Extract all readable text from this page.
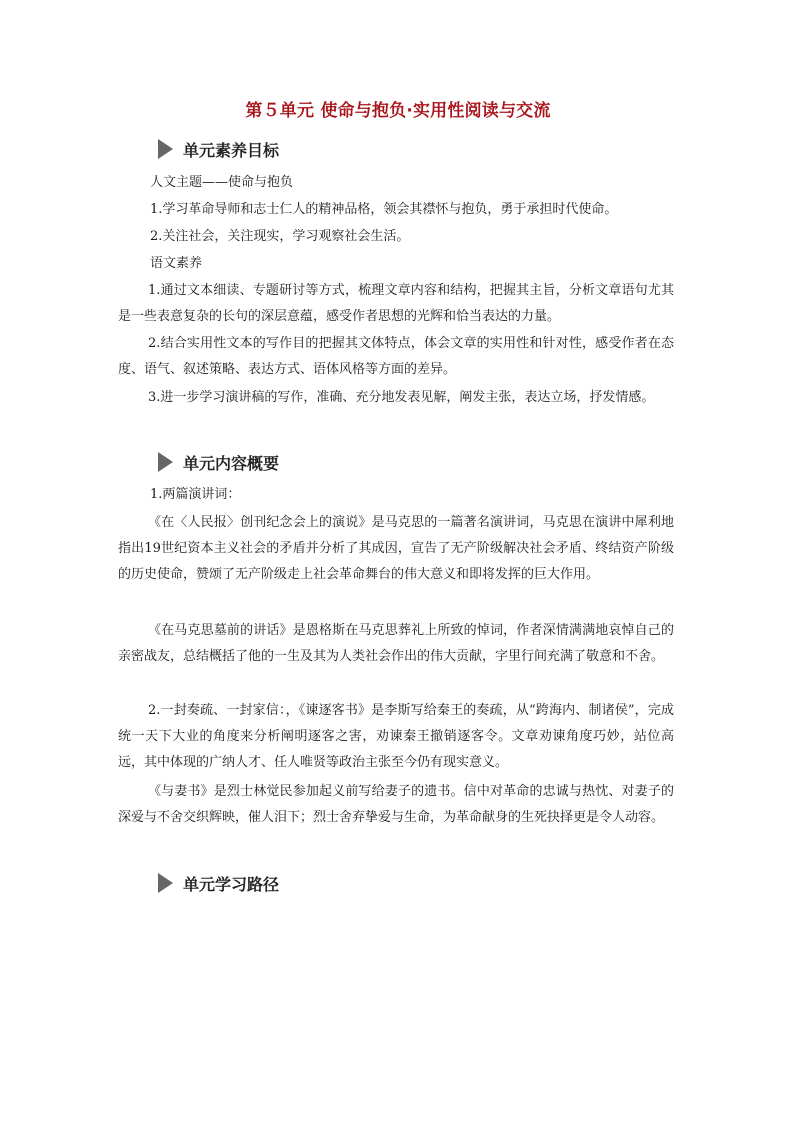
第５单元 使命与抱负·实用性阅读与交流
单元素养目标
人文主题——使命与抱负
1.学习革命导师和志士仁人的精神品格，领会其襟怀与抱负，勇于承担时代使命。
2.关注社会，关注现实，学习观察社会生活。
语文素养
1.通过文本细读、专题研讨等方式，梳理文章内容和结构，把握其主旨，分析文章语句尤其是一些表意复杂的长句的深层意蕴，感受作者思想的光辉和恰当表达的力量。
2.结合实用性文本的写作目的把握其文体特点，体会文章的实用性和针对性，感受作者在态度、语气、叙述策略、表达方式、语体风格等方面的差异。
3.进一步学习演讲稿的写作，准确、充分地发表见解，阐发主张，表达立场，抒发情感。
单元内容概要
1.两篇演讲词：
《在〈人民报〉创刊纪念会上的演说》是马克思的一篇著名演讲词，马克思在演讲中犀利地指出19世纪资本主义社会的矛盾并分析了其成因，宣告了无产阶级解决社会矛盾、终结资产阶级的历史使命，赞颂了无产阶级走上社会革命舞台的伟大意义和即将发挥的巨大作用。
《在马克思墓前的讲话》是恩格斯在马克思葬礼上所致的悼词，作者深情满满地哀悼自己的亲密战友，总结概括了他的一生及其为人类社会作出的伟大贡献，字里行间充满了敬意和不舍。
2.一封奏疏、一封家信：，《谏逐客书》是李斯写给秦王的奏疏，从“跨海内、制诸侯”，完成统一天下大业的角度来分析阐明逐客之害，劝谏秦王撤销逐客令。文章劝谏角度巧妙，站位高远，其中体现的广纳人才、任人唯贤等政治主张至今仍有现实意义。
《与妻书》是烈士林觉民参加起义前写给妻子的遗书。信中对革命的忠诚与热忱、对妻子的深爱与不舍交织辉映，催人泪下；烈士舍弃挚爱与生命，为革命献身的生死抉择更是令人动容。
单元学习路径
